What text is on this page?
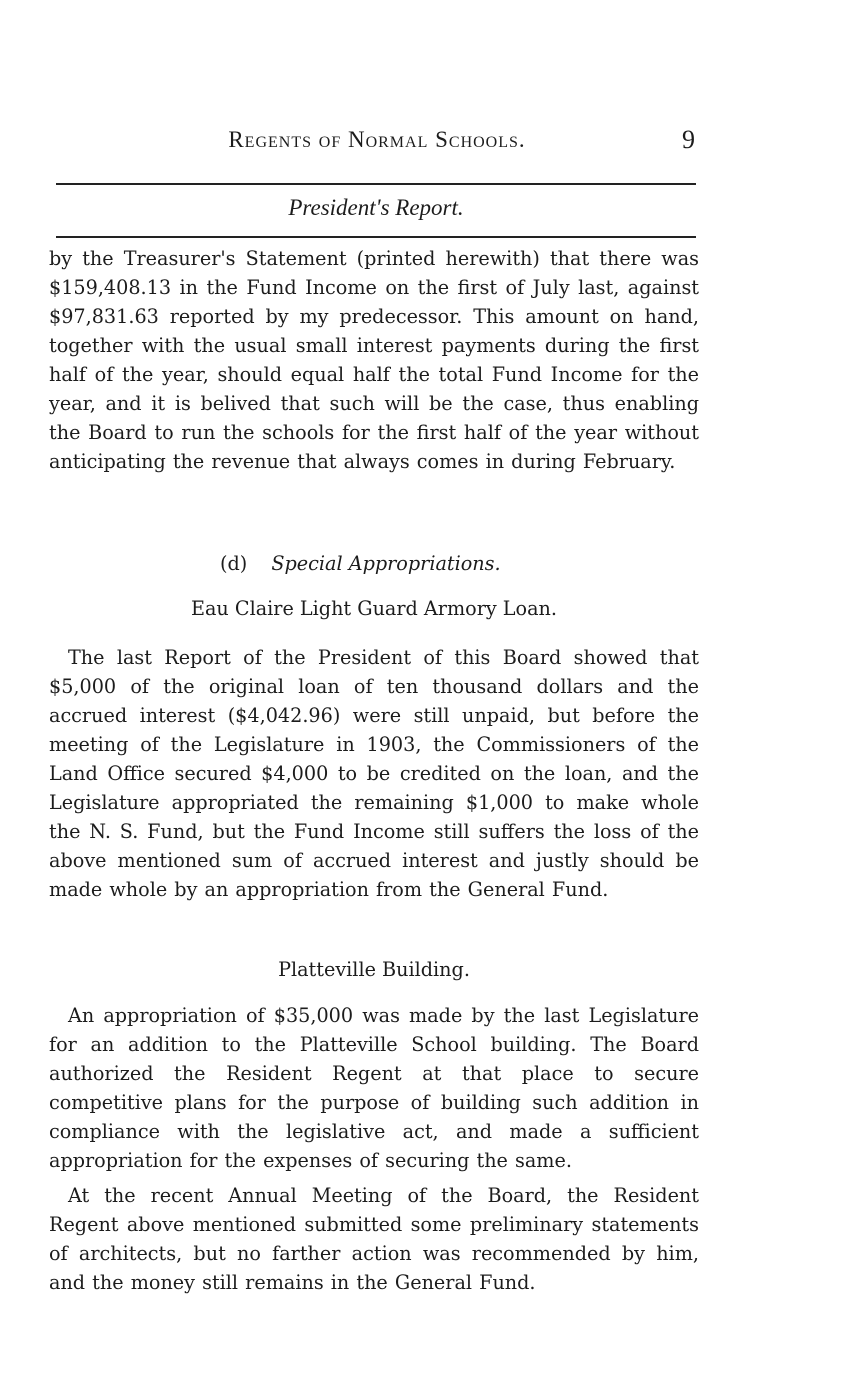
Regents of Normal Schools.	9
President's Report.

by the Treasurer's Statement (printed herewith) that there was $159,408.13 in the Fund Income on the first of July last, against $97,831.63 reported by my predecessor. This amount on hand, together with the usual small interest payments during the first half of the year, should equal half the total Fund Income for the year, and it is belived that such will be the case, thus enabling the Board to run the schools for the first half of the year without anticipating the revenue that always comes in during February.

(d) Special Appropriations.
Eau Claire Light Guard Armory Loan.

The last Report of the President of this Board showed that $5,000 of the original loan of ten thousand dollars and the accrued interest ($4,042.96) were still unpaid, but before the meeting of the Legislature in 1903, the Commissioners of the Land Office secured $4,000 to be credited on the loan, and the Legislature appropriated the remaining $1,000 to make whole the N. S. Fund, but the Fund Income still suffers the loss of the above mentioned sum of accrued interest and justly should be made whole by an appropriation from the General Fund.

Platteville Building.

An appropriation of $35,000 was made by the last Legislature for an addition to the Platteville School building. The Board authorized the Resident Regent at that place to secure competitive plans for the purpose of building such addition in compliance with the legislative act, and made a sufficient appropriation for the expenses of securing the same.

At the recent Annual Meeting of the Board, the Resident Regent above mentioned submitted some preliminary statements of architects, but no farther action was recommended by him, and the money still remains in the General Fund.
